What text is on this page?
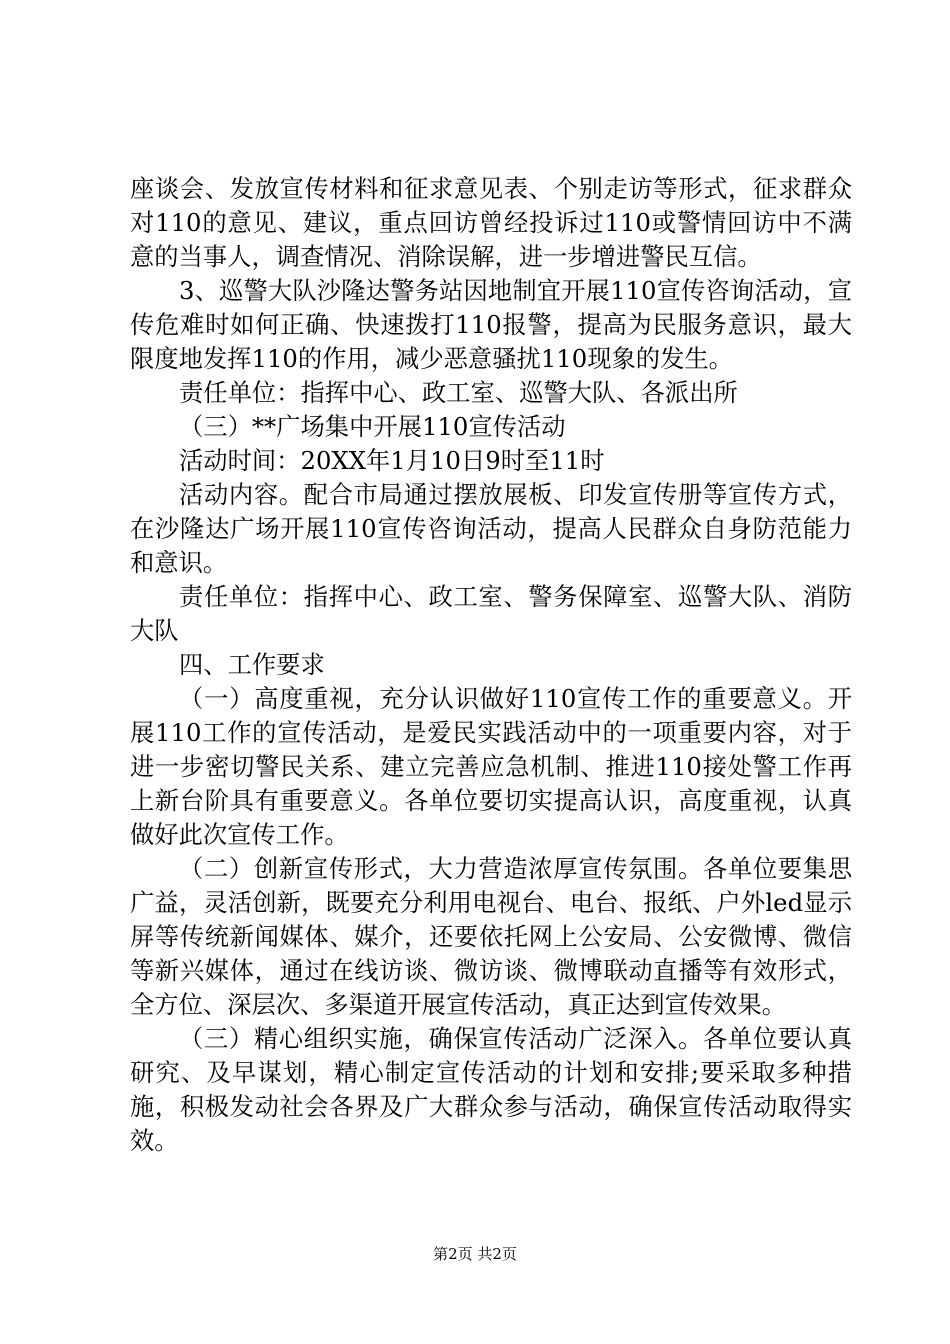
座谈会、发放宣传材料和征求意见表、个别走访等形式，征求群众对110的意见、建议，重点回访曾经投诉过110或警情回访中不满意的当事人，调查情况、消除误解，进一步增进警民互信。

3、巡警大队沙隆达警务站因地制宜开展110宣传咨询活动，宣传危难时如何正确、快速拨打110报警，提高为民服务意识，最大限度地发挥110的作用，减少恶意骚扰110现象的发生。

责任单位：指挥中心、政工室、巡警大队、各派出所

（三）**广场集中开展110宣传活动

活动时间：20XX年1月10日9时至11时

活动内容。配合市局通过摆放展板、印发宣传册等宣传方式，在沙隆达广场开展110宣传咨询活动，提高人民群众自身防范能力和意识。

责任单位：指挥中心、政工室、警务保障室、巡警大队、消防大队

四、工作要求

（一）高度重视，充分认识做好110宣传工作的重要意义。开展110工作的宣传活动，是爱民实践活动中的一项重要内容，对于进一步密切警民关系、建立完善应急机制、推进110接处警工作再上新台阶具有重要意义。各单位要切实提高认识，高度重视，认真做好此次宣传工作。

（二）创新宣传形式，大力营造浓厚宣传氛围。各单位要集思广益，灵活创新，既要充分利用电视台、电台、报纸、户外led显示屏等传统新闻媒体、媒介，还要依托网上公安局、公安微博、微信等新兴媒体，通过在线访谈、微访谈、微博联动直播等有效形式，全方位、深层次、多渠道开展宣传活动，真正达到宣传效果。

（三）精心组织实施，确保宣传活动广泛深入。各单位要认真研究、及早谋划，精心制定宣传活动的计划和安排;要采取多种措施，积极发动社会各界及广大群众参与活动，确保宣传活动取得实效。

第2页 共2页
